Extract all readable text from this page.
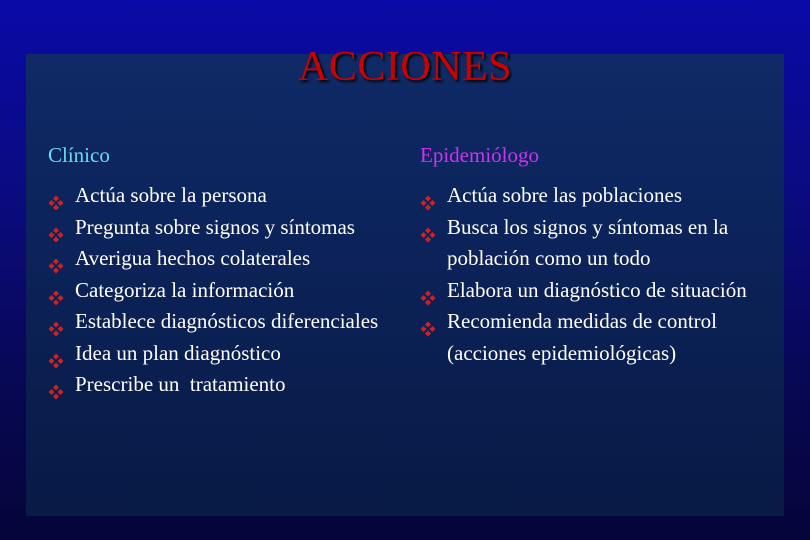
ACCIONES
Clínico
Actúa sobre la persona
Pregunta sobre signos y síntomas
Averigua hechos colaterales
Categoriza la información
Establece diagnósticos diferenciales
Idea un plan diagnóstico
Prescribe un  tratamiento
Epidemiólogo
Actúa sobre las poblaciones
Busca los signos y síntomas en la población como un todo
Elabora un diagnóstico de situación
Recomienda medidas de control (acciones epidemiológicas)
